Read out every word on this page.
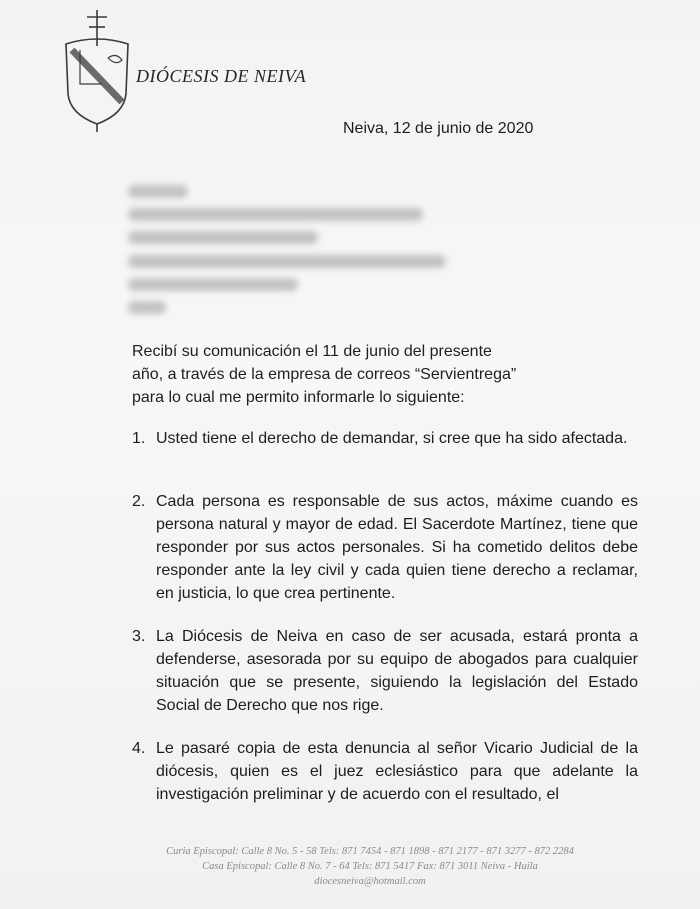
DIÓCESIS DE NEIVA
Neiva, 12 de junio de 2020
Recibí su comunicación el 11 de junio del presente año, a través de la empresa de correos “Servientrega” para lo cual me permito informarle lo siguiente:
1. Usted tiene el derecho de demandar, si cree que ha sido afectada.
2. Cada persona es responsable de sus actos, máxime cuando es persona natural y mayor de edad. El Sacerdote Martínez, tiene que responder por sus actos personales. Si ha cometido delitos debe responder ante la ley civil y cada quien tiene derecho a reclamar, en justicia, lo que crea pertinente.
3. La Diócesis de Neiva en caso de ser acusada, estará pronta a defenderse, asesorada por su equipo de abogados para cualquier situación que se presente, siguiendo la legislación del Estado Social de Derecho que nos rige.
4. Le pasaré copia de esta denuncia al señor Vicario Judicial de la diócesis, quien es el juez eclesiástico para que adelante la investigación preliminar y de acuerdo con el resultado, el
Curia Episcopal: Calle 8 No. 5 - 58 Tels: 871 7454 - 871 1898 - 871 2177 - 871 3277 - 872 2284
Casa Episcopal: Calle 8 No. 7 - 64 Tels: 871 5417 Fax: 871 3011 Neiva - Huila
diocesneiva@hotmail.com
